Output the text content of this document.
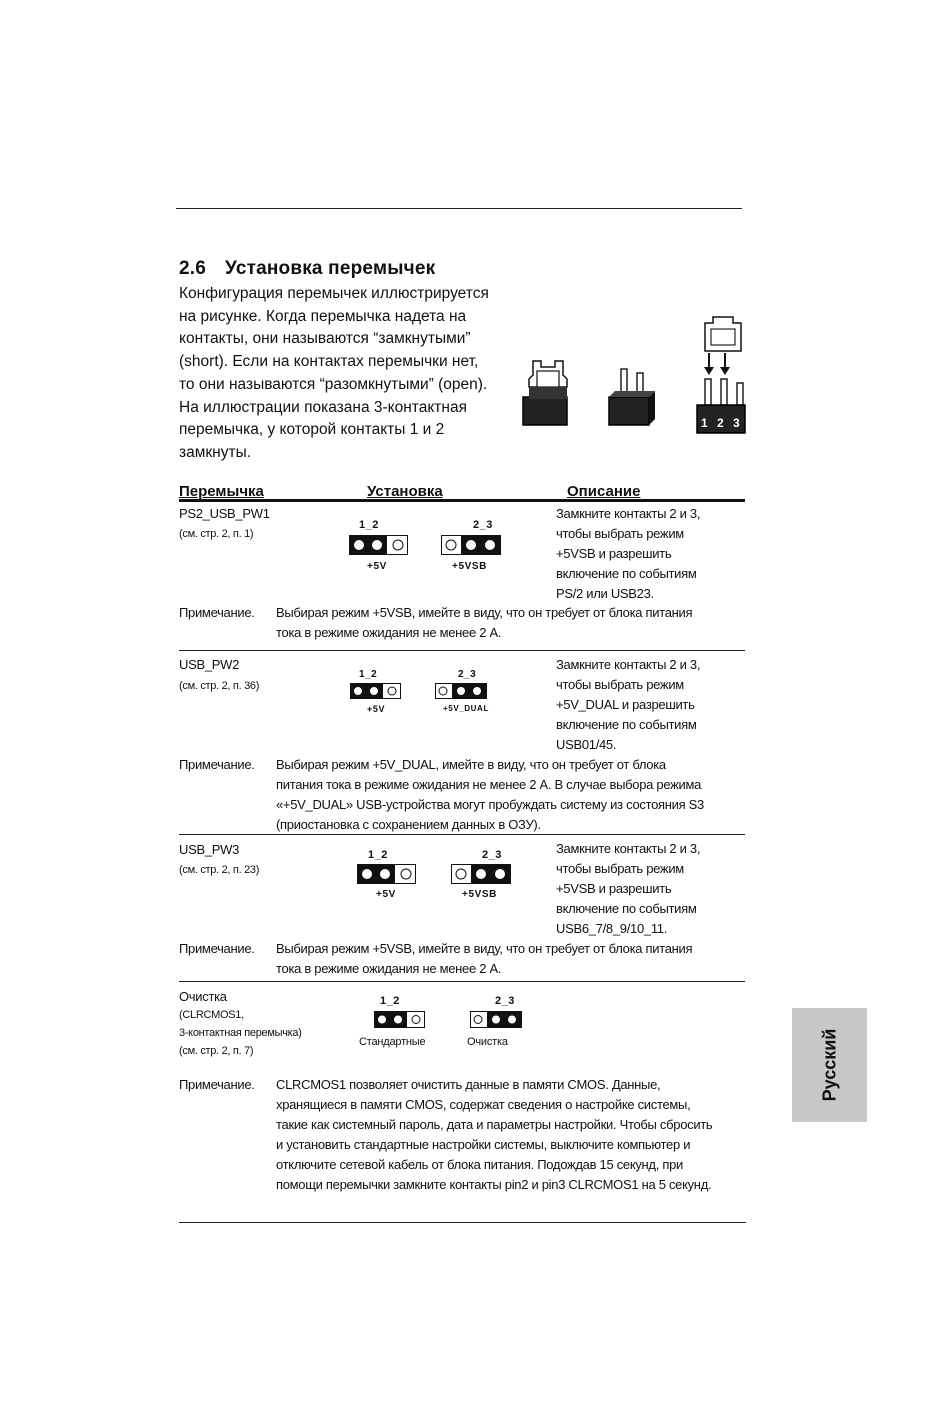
2.6 Установка перемычек
Конфигурация перемычек иллюстрируется
на рисунке. Когда перемычка надета на
контакты, они называются “замкнутыми”
(short). Если на контактах перемычки нет,
то они называются “разомкнутыми” (open).
На иллюстрации показана 3-контактная
перемычка, у которой контакты 1 и 2
замкнуты.
1 2 3
Перемычка	Установка	Описание
PS2_USB_PW1
(см. стр. 2, п. 1)
1_2	2_3
+5V	+5VSB
Замкните контакты 2 и 3,
чтобы выбрать режим
+5VSB и разрешить
включение по событиям
PS/2 или USB23.
Примечание. Выбирая режим +5VSB, имейте в виду, что он требует от блока питания
тока в режиме ожидания не менее 2 A.
USB_PW2
(см. стр. 2, п. 36)
1_2	2_3
+5V	+5V_DUAL
Замкните контакты 2 и 3,
чтобы выбрать режим
+5V_DUAL и разрешить
включение по событиям
USB01/45.
Примечание. Выбирая режим +5V_DUAL, имейте в виду, что он требует от блока
питания тока в режиме ожидания не менее 2 A. В случае выбора режима
«+5V_DUAL» USB-устройства могут пробуждать систему из состояния S3
(приостановка с сохранением данных в ОЗУ).
USB_PW3
(см. стр. 2, п. 23)
1_2	2_3
+5V	+5VSB
Замкните контакты 2 и 3,
чтобы выбрать режим
+5VSB и разрешить
включение по событиям
USB6_7/8_9/10_11.
Примечание. Выбирая режим +5VSB, имейте в виду, что он требует от блока питания
тока в режиме ожидания не менее 2 A.
Очистка
(CLRCMOS1,
3-контактная перемычка)
(см. стр. 2, п. 7)
1_2	2_3
Стандартные	Очистка
Примечание. CLRCMOS1 позволяет очистить данные в памяти CMOS. Данные,
хранящиеся в памяти CMOS, содержат сведения о настройке системы,
такие как системный пароль, дата и параметры настройки. Чтобы сбросить
и установить стандартные настройки системы, выключите компьютер и
отключите сетевой кабель от блока питания. Подождав 15 секунд, при
помощи перемычки замкните контакты pin2 и pin3 CLRCMOS1 на 5 секунд.
Русский
